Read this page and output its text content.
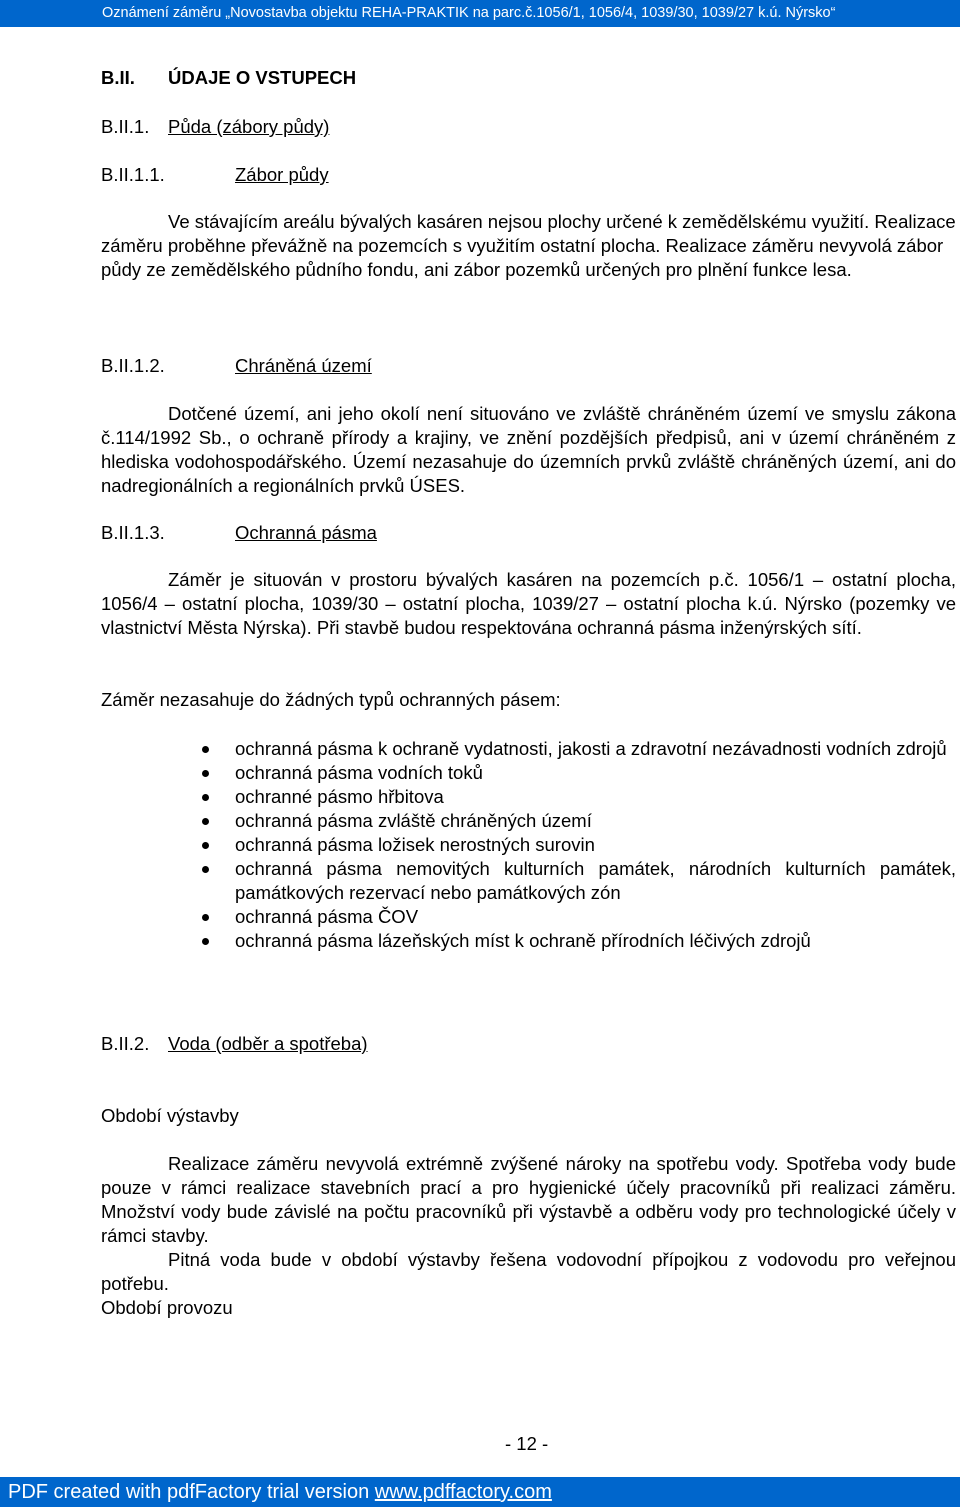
Oznámení záměru „Novostavba objektu REHA-PRAKTIK na parc.č.1056/1, 1056/4, 1039/30, 1039/27 k.ú. Nýrsko“
B.II. ÚDAJE O VSTUPECH
B.II.1. Půda (zábory půdy)
B.II.1.1.	Zábor půdy
Ve stávajícím areálu bývalých kasáren nejsou plochy určené k zemědělskému využití. Realizace záměru proběhne převážně na pozemcích s využitím ostatní plocha. Realizace záměru nevyvolá zábor půdy ze zemědělského půdního fondu, ani zábor pozemků určených pro plnění funkce lesa.
B.II.1.2.	Chráněná území
Dotčené území, ani jeho okolí není situováno ve zvláště chráněném území ve smyslu zákona č.114/1992 Sb., o ochraně přírody a krajiny, ve znění pozdějších předpisů, ani v území chráněném z hlediska vodohospodářského. Území nezasahuje do územních prvků zvláště chráněných území, ani do nadregionálních a regionálních prvků ÚSES.
B.II.1.3.	Ochranná pásma
Záměr je situován v prostoru bývalých kasáren na pozemcích p.č. 1056/1 – ostatní plocha, 1056/4 – ostatní plocha, 1039/30 – ostatní plocha, 1039/27 – ostatní plocha k.ú. Nýrsko (pozemky ve vlastnictví Města Nýrska). Při stavbě budou respektována ochranná pásma inženýrských sítí.
Záměr nezasahuje do žádných typů ochranných pásem:
ochranná pásma k ochraně vydatnosti, jakosti a zdravotní nezávadnosti vodních zdrojů
ochranná pásma vodních toků
ochranné pásmo hřbitova
ochranná pásma zvláště chráněných území
ochranná pásma ložisek nerostných surovin
ochranná pásma nemovitých kulturních památek, národních kulturních památek, památkových rezervací nebo památkových zón
ochranná pásma ČOV
ochranná pásma lázeňských míst k ochraně přírodních léčivých zdrojů
B.II.2. Voda (odběr a spotřeba)
Období výstavby
Realizace záměru nevyvolá extrémně zvýšené nároky na spotřebu vody. Spotřeba vody bude pouze v rámci realizace stavebních prací a pro hygienické účely pracovníků při realizaci záměru. Množství vody bude závislé na počtu pracovníků při výstavbě a odběru vody pro technologické účely v rámci stavby.
Pitná voda bude v období výstavby řešena vodovodní přípojkou z vodovodu pro veřejnou potřebu.
Období provozu
- 12 -
PDF created with pdfFactory trial version www.pdffactory.com
